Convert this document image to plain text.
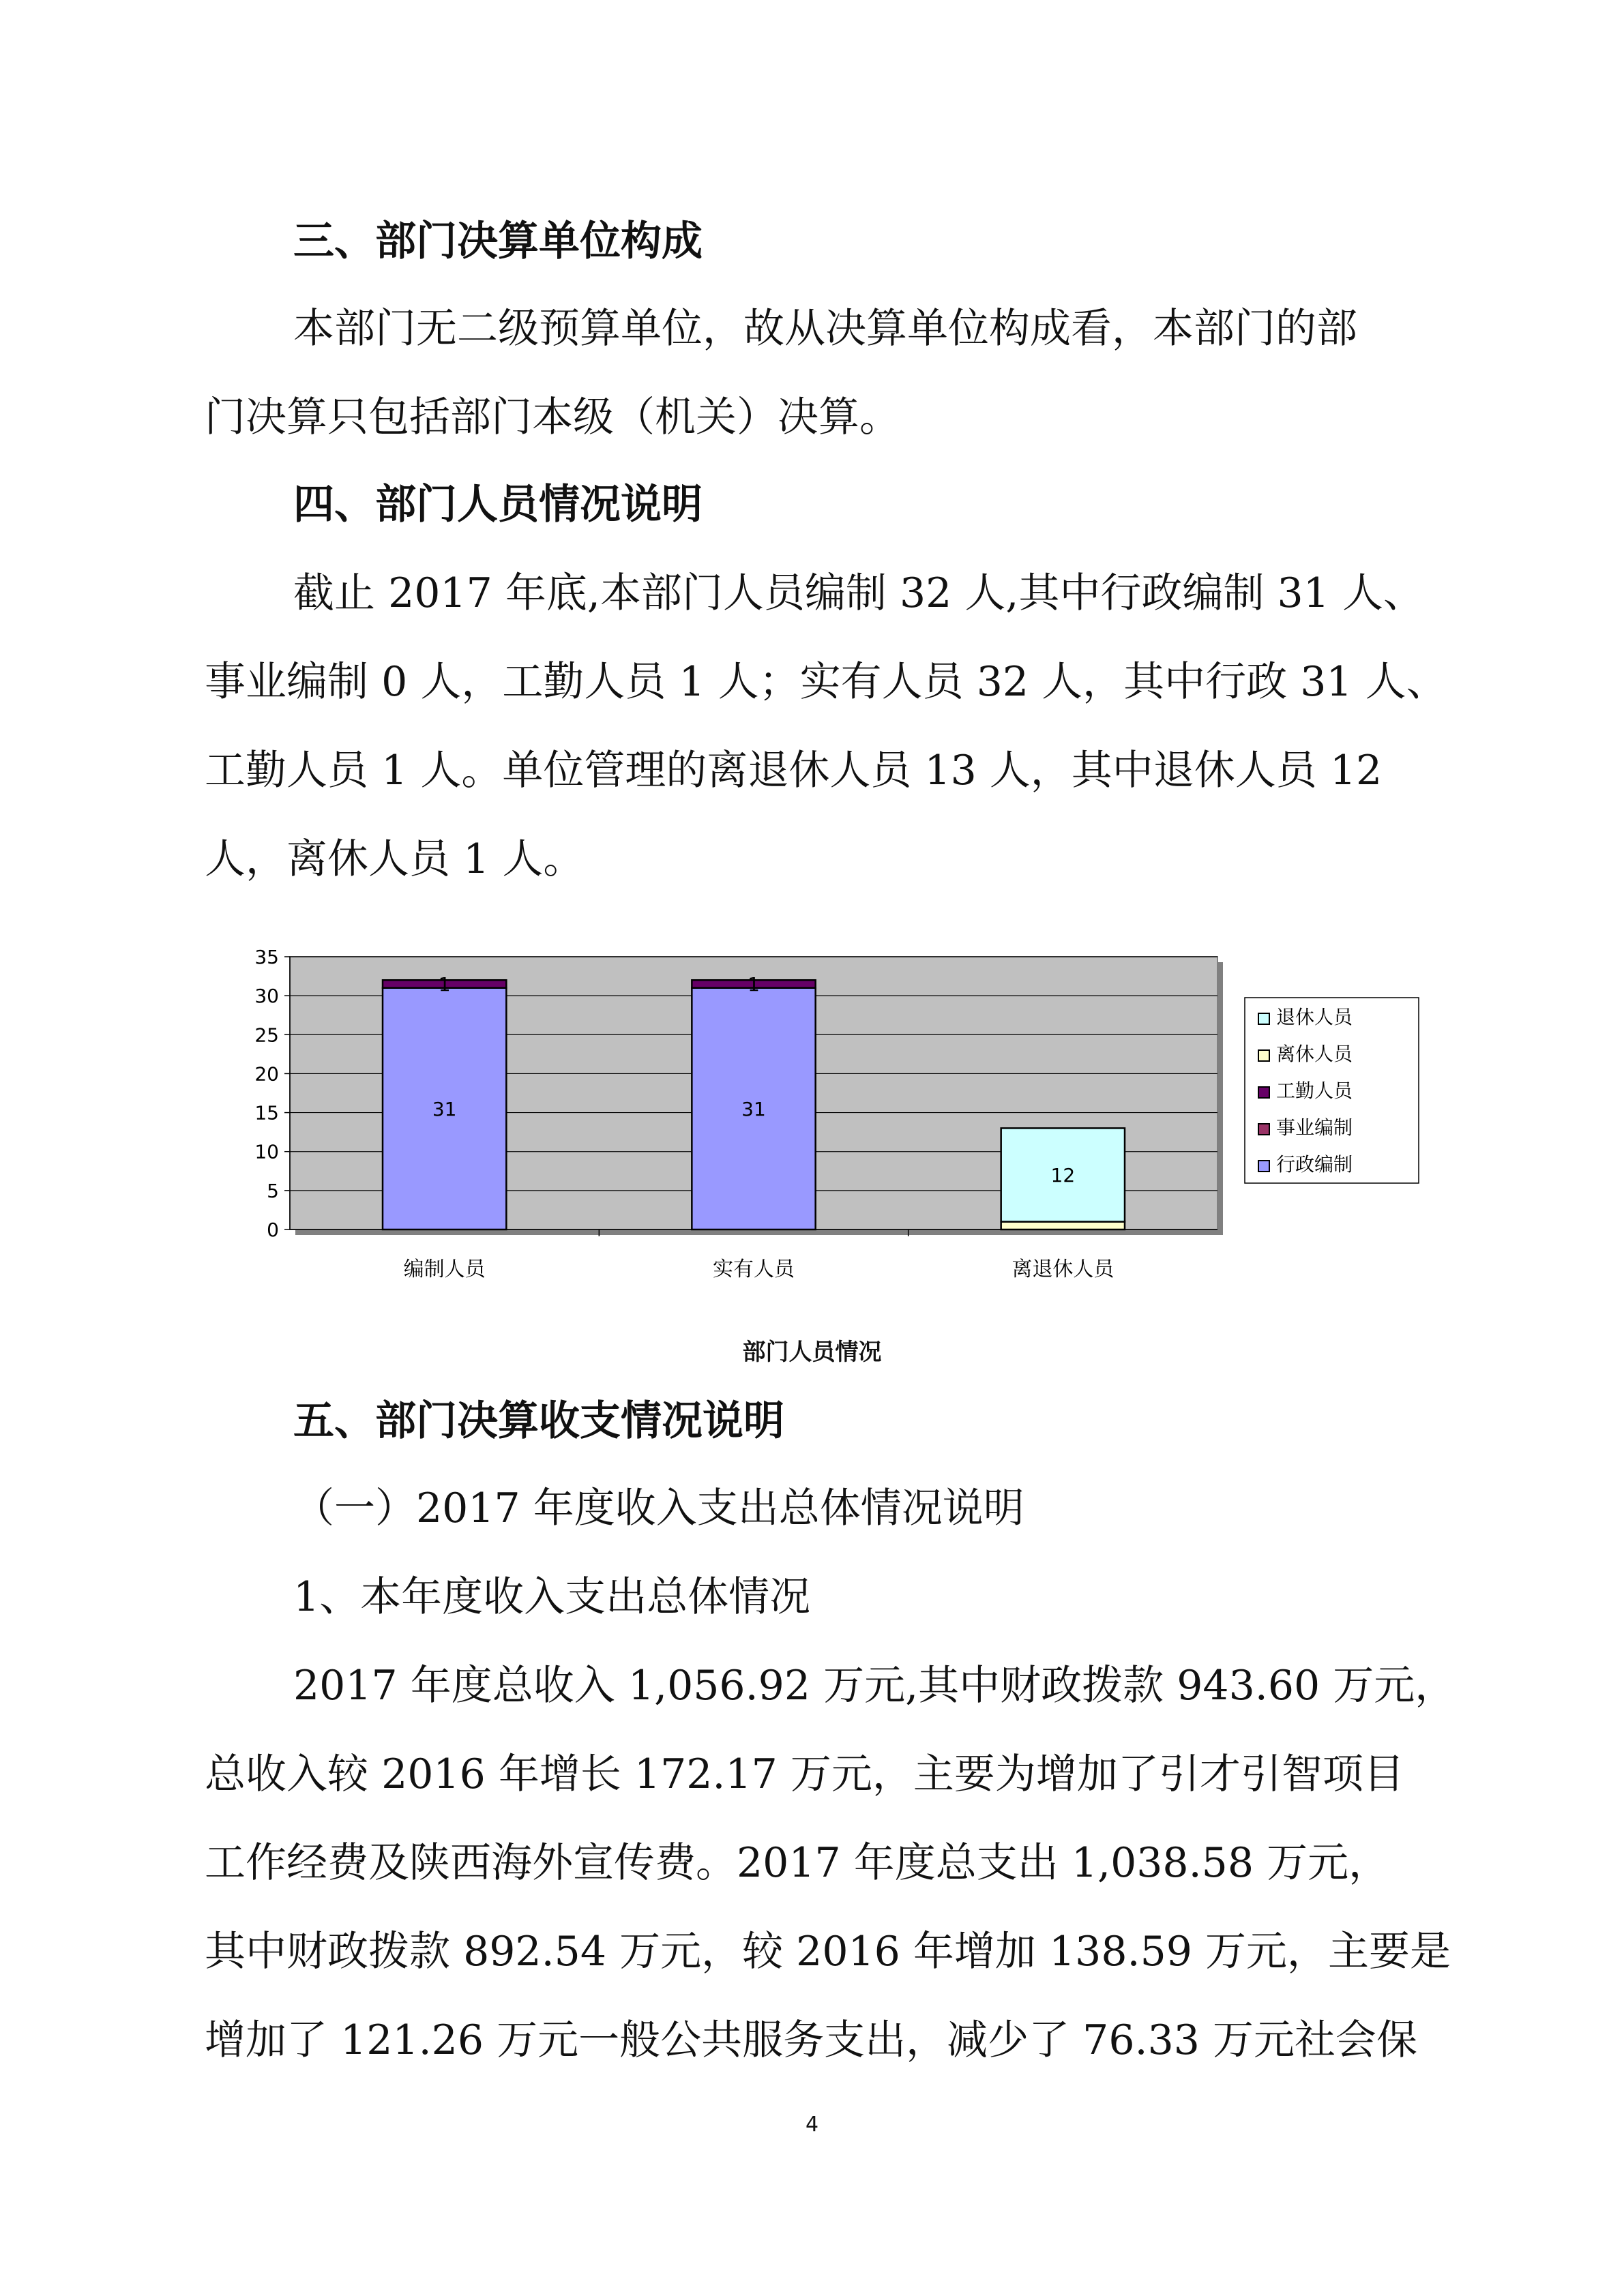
三、部门决算单位构成
本部门无二级预算单位，故从决算单位构成看，本部门的部
门决算只包括部门本级（机关）决算。
四、部门人员情况说明
截止 2017 年底,本部门人员编制 32 人,其中行政编制 31 人、
事业编制 0 人，工勤人员 1 人；实有人员 32 人，其中行政 31 人、
工勤人员 1 人。单位管理的离退休人员 13 人，其中退休人员 12
人，离休人员 1 人。
0
5
10
15
20
25
30
35
31
1
编制人员
31
1
实有人员
12
离退休人员
退休人员
离休人员
工勤人员
事业编制
行政编制
部门人员情况
五、部门决算收支情况说明
（一）2017 年度收入支出总体情况说明
1、本年度收入支出总体情况
2017 年度总收入 1,056.92 万元,其中财政拨款 943.60 万元，
总收入较 2016 年增长 172.17 万元，主要为增加了引才引智项目
工作经费及陕西海外宣传费。2017 年度总支出 1,038.58 万元，
其中财政拨款 892.54 万元，较 2016 年增加 138.59 万元，主要是
增加了 121.26 万元一般公共服务支出，减少了 76.33 万元社会保
4
